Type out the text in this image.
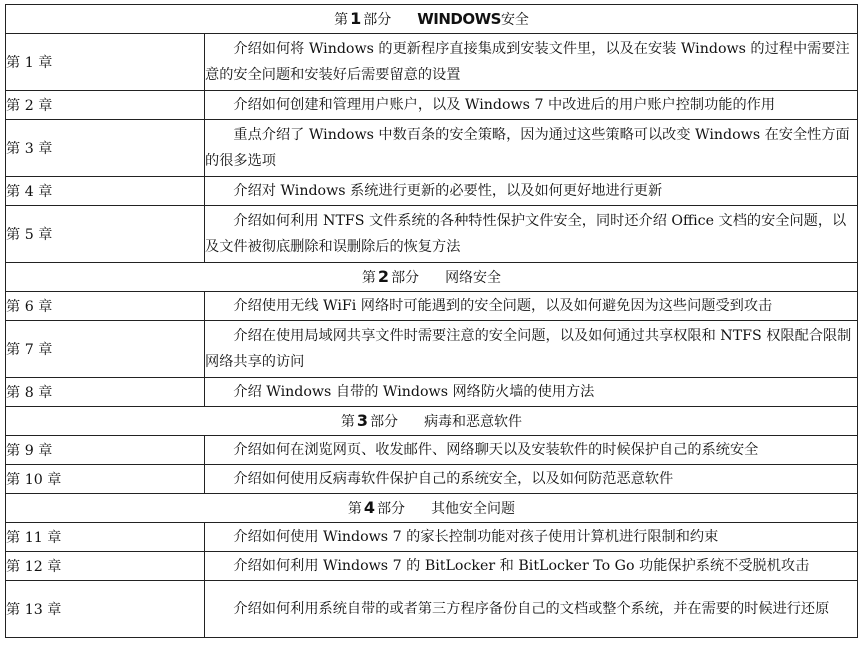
第 1 部分 WINDOWS安全	
第 1 章	介绍如何将 Windows 的更新程序直接集成到安装文件里，以及在安装 Windows 的过程中需要注意的安全问题和安装好后需要留意的设置
第 2 章	介绍如何创建和管理用户账户，以及 Windows 7 中改进后的用户账户控制功能的作用
第 3 章	重点介绍了 Windows 中数百条的安全策略，因为通过这些策略可以改变 Windows 在安全性方面的很多选项
第 4 章	介绍对 Windows 系统进行更新的必要性，以及如何更好地进行更新
第 5 章	介绍如何利用 NTFS 文件系统的各种特性保护文件安全，同时还介绍 Office 文档的安全问题，以及文件被彻底删除和误删除后的恢复方法
第 2 部分 网络安全	
第 6 章	介绍使用无线 WiFi 网络时可能遇到的安全问题，以及如何避免因为这些问题受到攻击
第 7 章	介绍在使用局域网共享文件时需要注意的安全问题，以及如何通过共享权限和 NTFS 权限配合限制网络共享的访问
第 8 章	介绍 Windows 自带的 Windows 网络防火墙的使用方法
第 3 部分 病毒和恶意软件	
第 9 章	介绍如何在浏览网页、收发邮件、网络聊天以及安装软件的时候保护自己的系统安全
第 10 章	介绍如何使用反病毒软件保护自己的系统安全，以及如何防范恶意软件
第 4 部分 其他安全问题	
第 11 章	介绍如何使用 Windows 7 的家长控制功能对孩子使用计算机进行限制和约束
第 12 章	介绍如何利用 Windows 7 的 BitLocker 和 BitLocker To Go 功能保护系统不受脱机攻击
第 13 章	介绍如何利用系统自带的或者第三方程序备份自己的文档或整个系统，并在需要的时候进行还原
